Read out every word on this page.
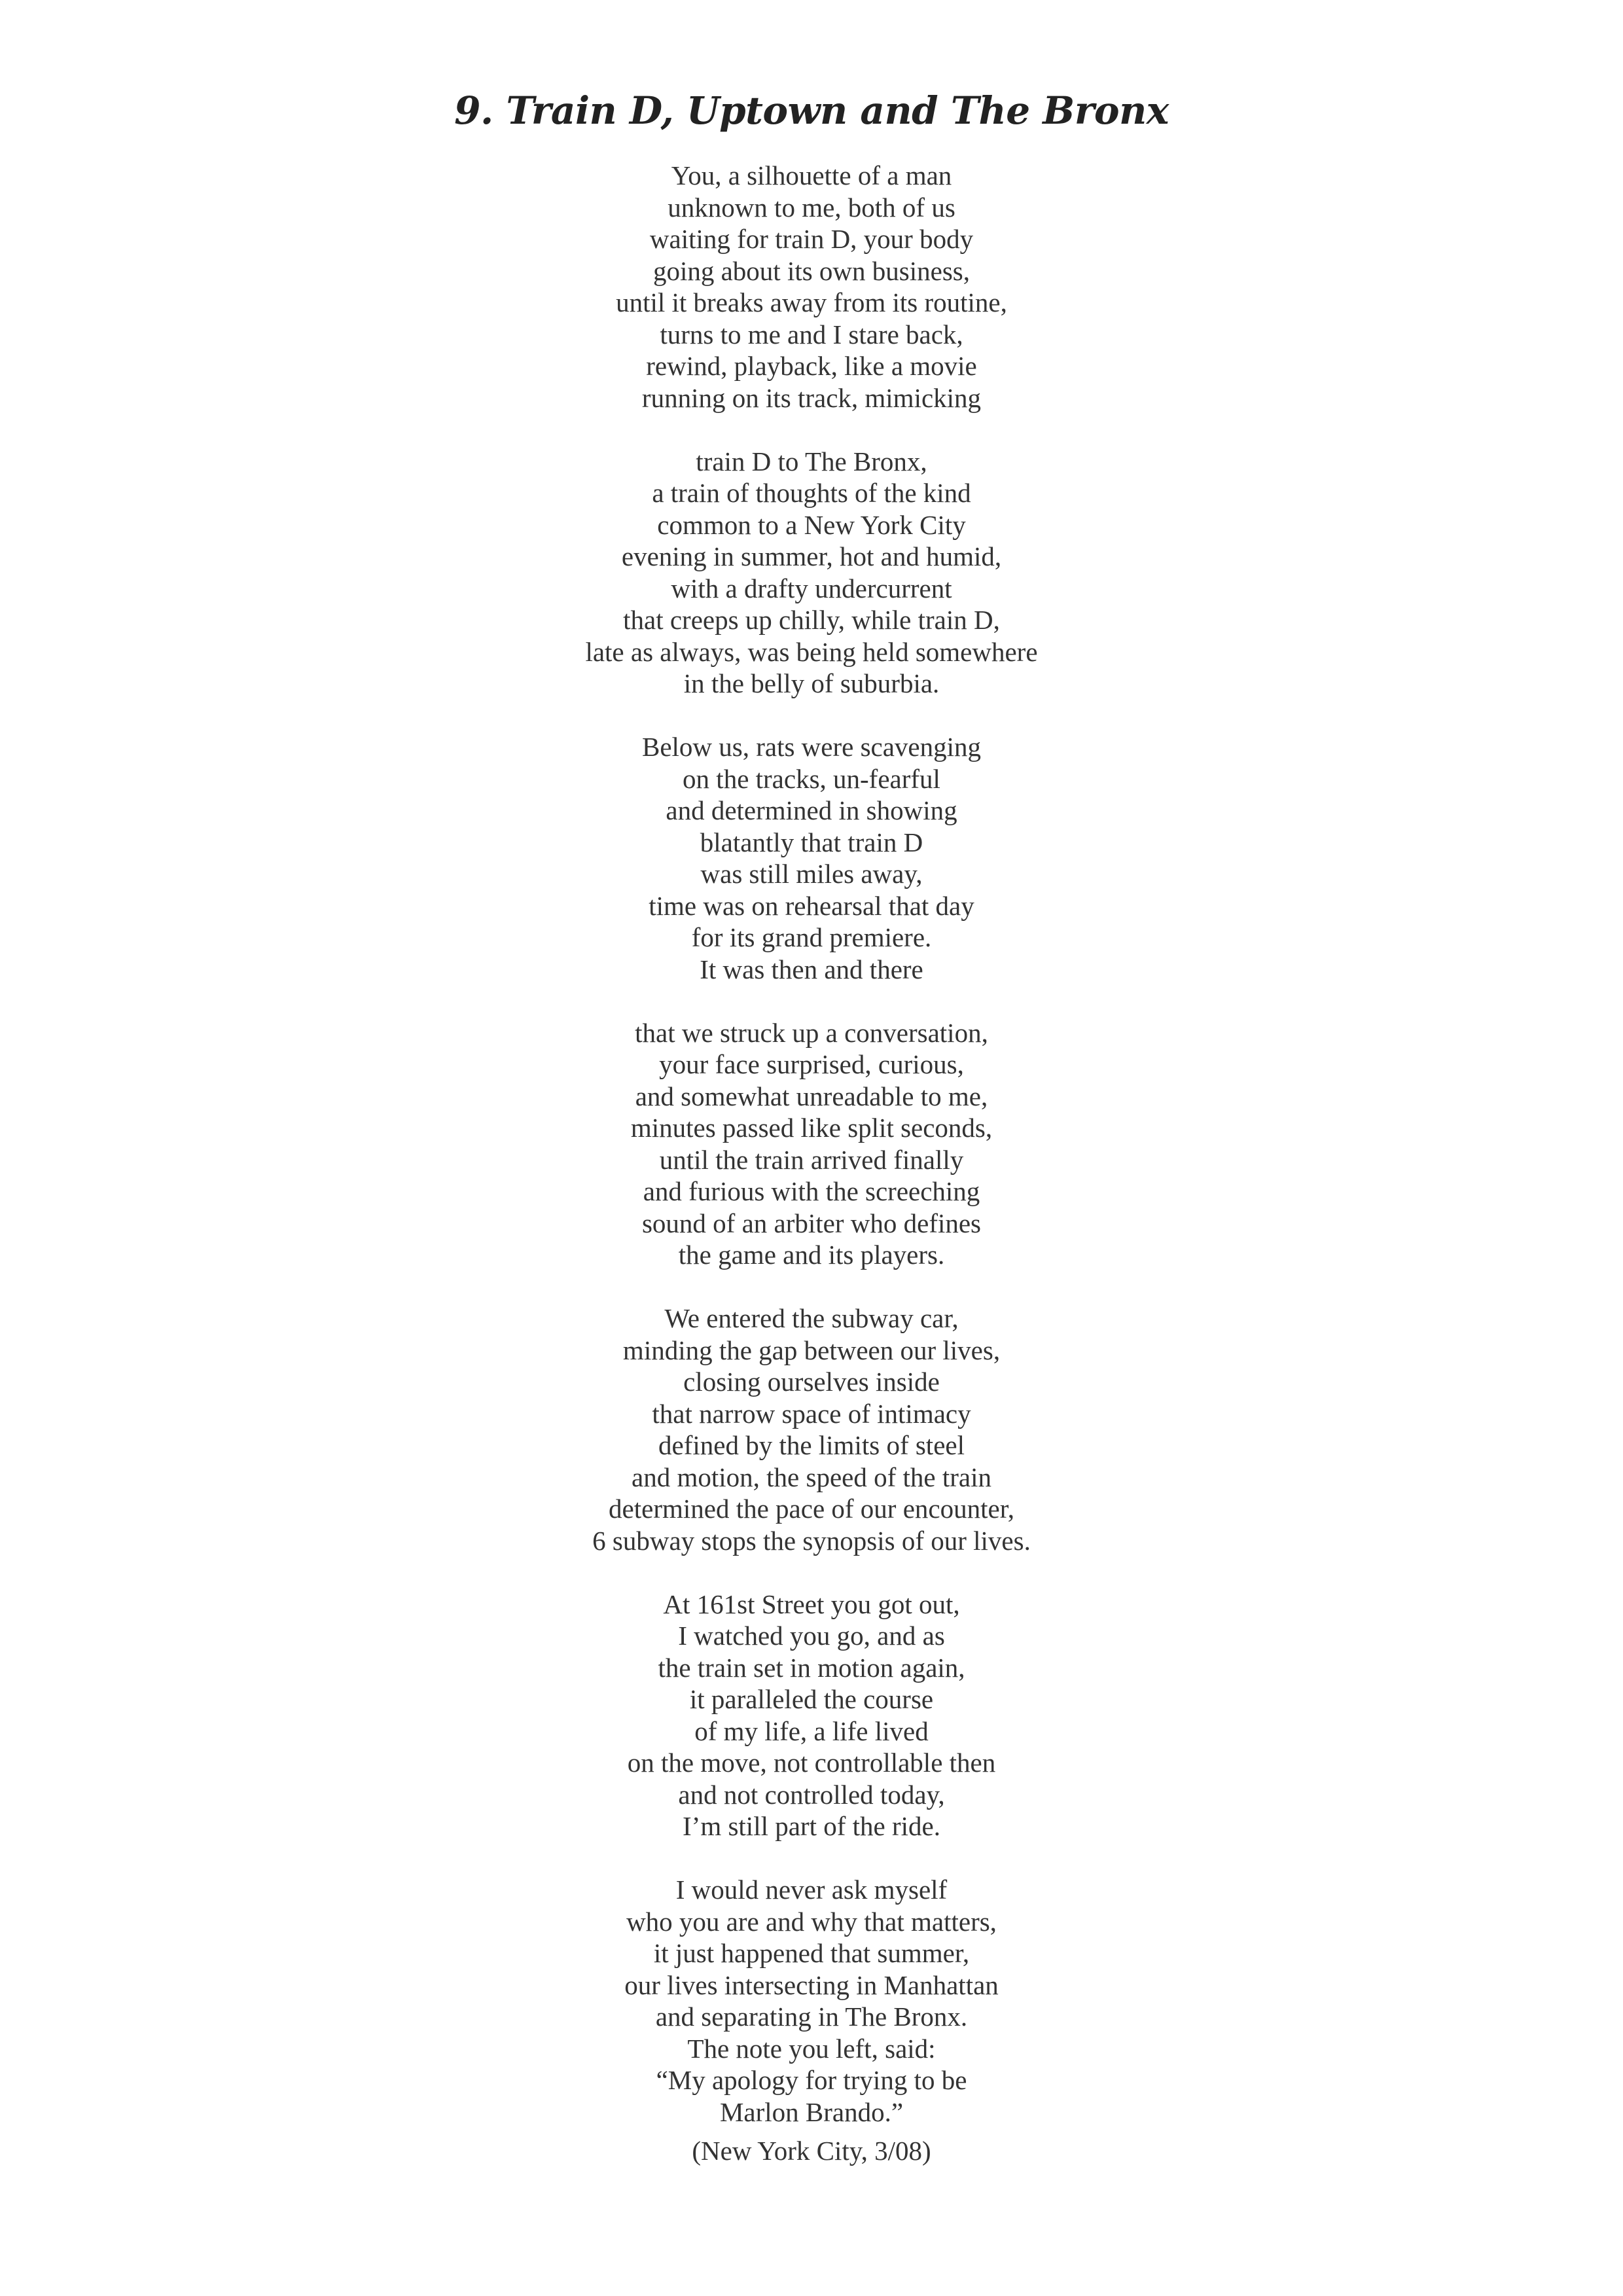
9. Train D, Uptown and The Bronx
You, a silhouette of a man
unknown to me, both of us
waiting for train D, your body
going about its own business,
until it breaks away from its routine,
turns to me and I stare back,
rewind, playback, like a movie
running on its track, mimicking
train D to The Bronx,
a train of thoughts of the kind
common to a New York City
evening in summer, hot and humid,
with a drafty undercurrent
that creeps up chilly, while train D,
late as always, was being held somewhere
in the belly of suburbia.
Below us, rats were scavenging
on the tracks, un-fearful
and determined in showing
blatantly that train D
was still miles away,
time was on rehearsal that day
for its grand premiere.
It was then and there
that we struck up a conversation,
your face surprised, curious,
and somewhat unreadable to me,
minutes passed like split seconds,
until the train arrived finally
and furious with the screeching
sound of an arbiter who defines
the game and its players.
We entered the subway car,
minding the gap between our lives,
closing ourselves inside
that narrow space of intimacy
defined by the limits of steel
and motion, the speed of the train
determined the pace of our encounter,
6 subway stops the synopsis of our lives.
At 161st Street you got out,
I watched you go, and as
the train set in motion again,
it paralleled the course
of my life, a life lived
on the move, not controllable then
and not controlled today,
I’m still part of the ride.
I would never ask myself
who you are and why that matters,
it just happened that summer,
our lives intersecting in Manhattan
and separating in The Bronx.
The note you left, said:
“My apology for trying to be
Marlon Brando.”

(New York City, 3/08)
